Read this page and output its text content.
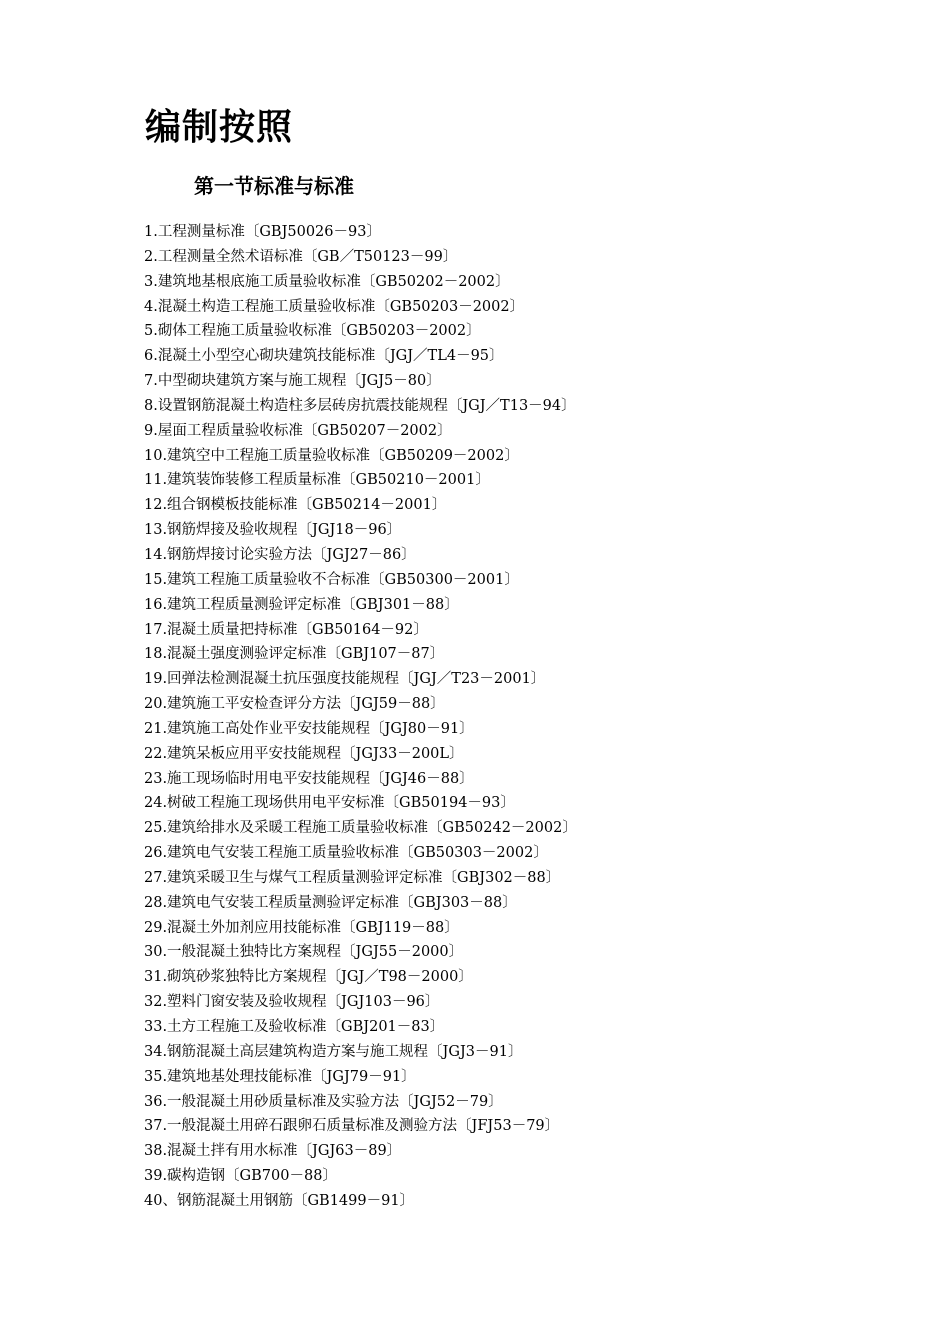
编制按照
第一节标准与标准
1.工程测量标准〔GBJ50026－93〕
2.工程测量全然术语标准〔GB／T50123－99〕
3.建筑地基根底施工质量验收标准〔GB50202－2002〕
4.混凝土构造工程施工质量验收标准〔GB50203－2002〕
5.砌体工程施工质量验收标准〔GB50203－2002〕
6.混凝土小型空心砌块建筑技能标准〔JGJ／TL4－95〕
7.中型砌块建筑方案与施工规程〔JGJ5－80〕
8.设置钢筋混凝土构造柱多层砖房抗震技能规程〔JGJ／T13－94〕
9.屋面工程质量验收标准〔GB50207－2002〕
10.建筑空中工程施工质量验收标准〔GB50209－2002〕
11.建筑装饰装修工程质量标准〔GB50210－2001〕
12.组合钢模板技能标准〔GB50214－2001〕
13.钢筋焊接及验收规程〔JGJ18－96〕
14.钢筋焊接讨论实验方法〔JGJ27－86〕
15.建筑工程施工质量验收不合标准〔GB50300－2001〕
16.建筑工程质量测验评定标准〔GBJ301－88〕
17.混凝土质量把持标准〔GB50164－92〕
18.混凝土强度测验评定标准〔GBJ107－87〕
19.回弹法检测混凝土抗压强度技能规程〔JGJ／T23－2001〕
20.建筑施工平安检查评分方法〔JGJ59－88〕
21.建筑施工高处作业平安技能规程〔JGJ80－91〕
22.建筑呆板应用平安技能规程〔JGJ33－200L〕
23.施工现场临时用电平安技能规程〔JGJ46－88〕
24.树破工程施工现场供用电平安标准〔GB50194－93〕
25.建筑给排水及采暖工程施工质量验收标准〔GB50242－2002〕
26.建筑电气安装工程施工质量验收标准〔GB50303－2002〕
27.建筑采暖卫生与煤气工程质量测验评定标准〔GBJ302－88〕
28.建筑电气安装工程质量测验评定标准〔GBJ303－88〕
29.混凝土外加剂应用技能标准〔GBJ119－88〕
30.一般混凝土独特比方案规程〔JGJ55－2000〕
31.砌筑砂浆独特比方案规程〔JGJ／T98－2000〕
32.塑料门窗安装及验收规程〔JGJ103－96〕
33.土方工程施工及验收标准〔GBJ201－83〕
34.钢筋混凝土高层建筑构造方案与施工规程〔JGJ3－91〕
35.建筑地基处理技能标准〔JGJ79－91〕
36.一般混凝土用砂质量标准及实验方法〔JGJ52－79〕
37.一般混凝土用碎石跟卵石质量标准及测验方法〔JFJ53－79〕
38.混凝土拌有用水标准〔JGJ63－89〕
39.碳构造钢〔GB700－88〕
40、钢筋混凝土用钢筋〔GB1499－91〕
